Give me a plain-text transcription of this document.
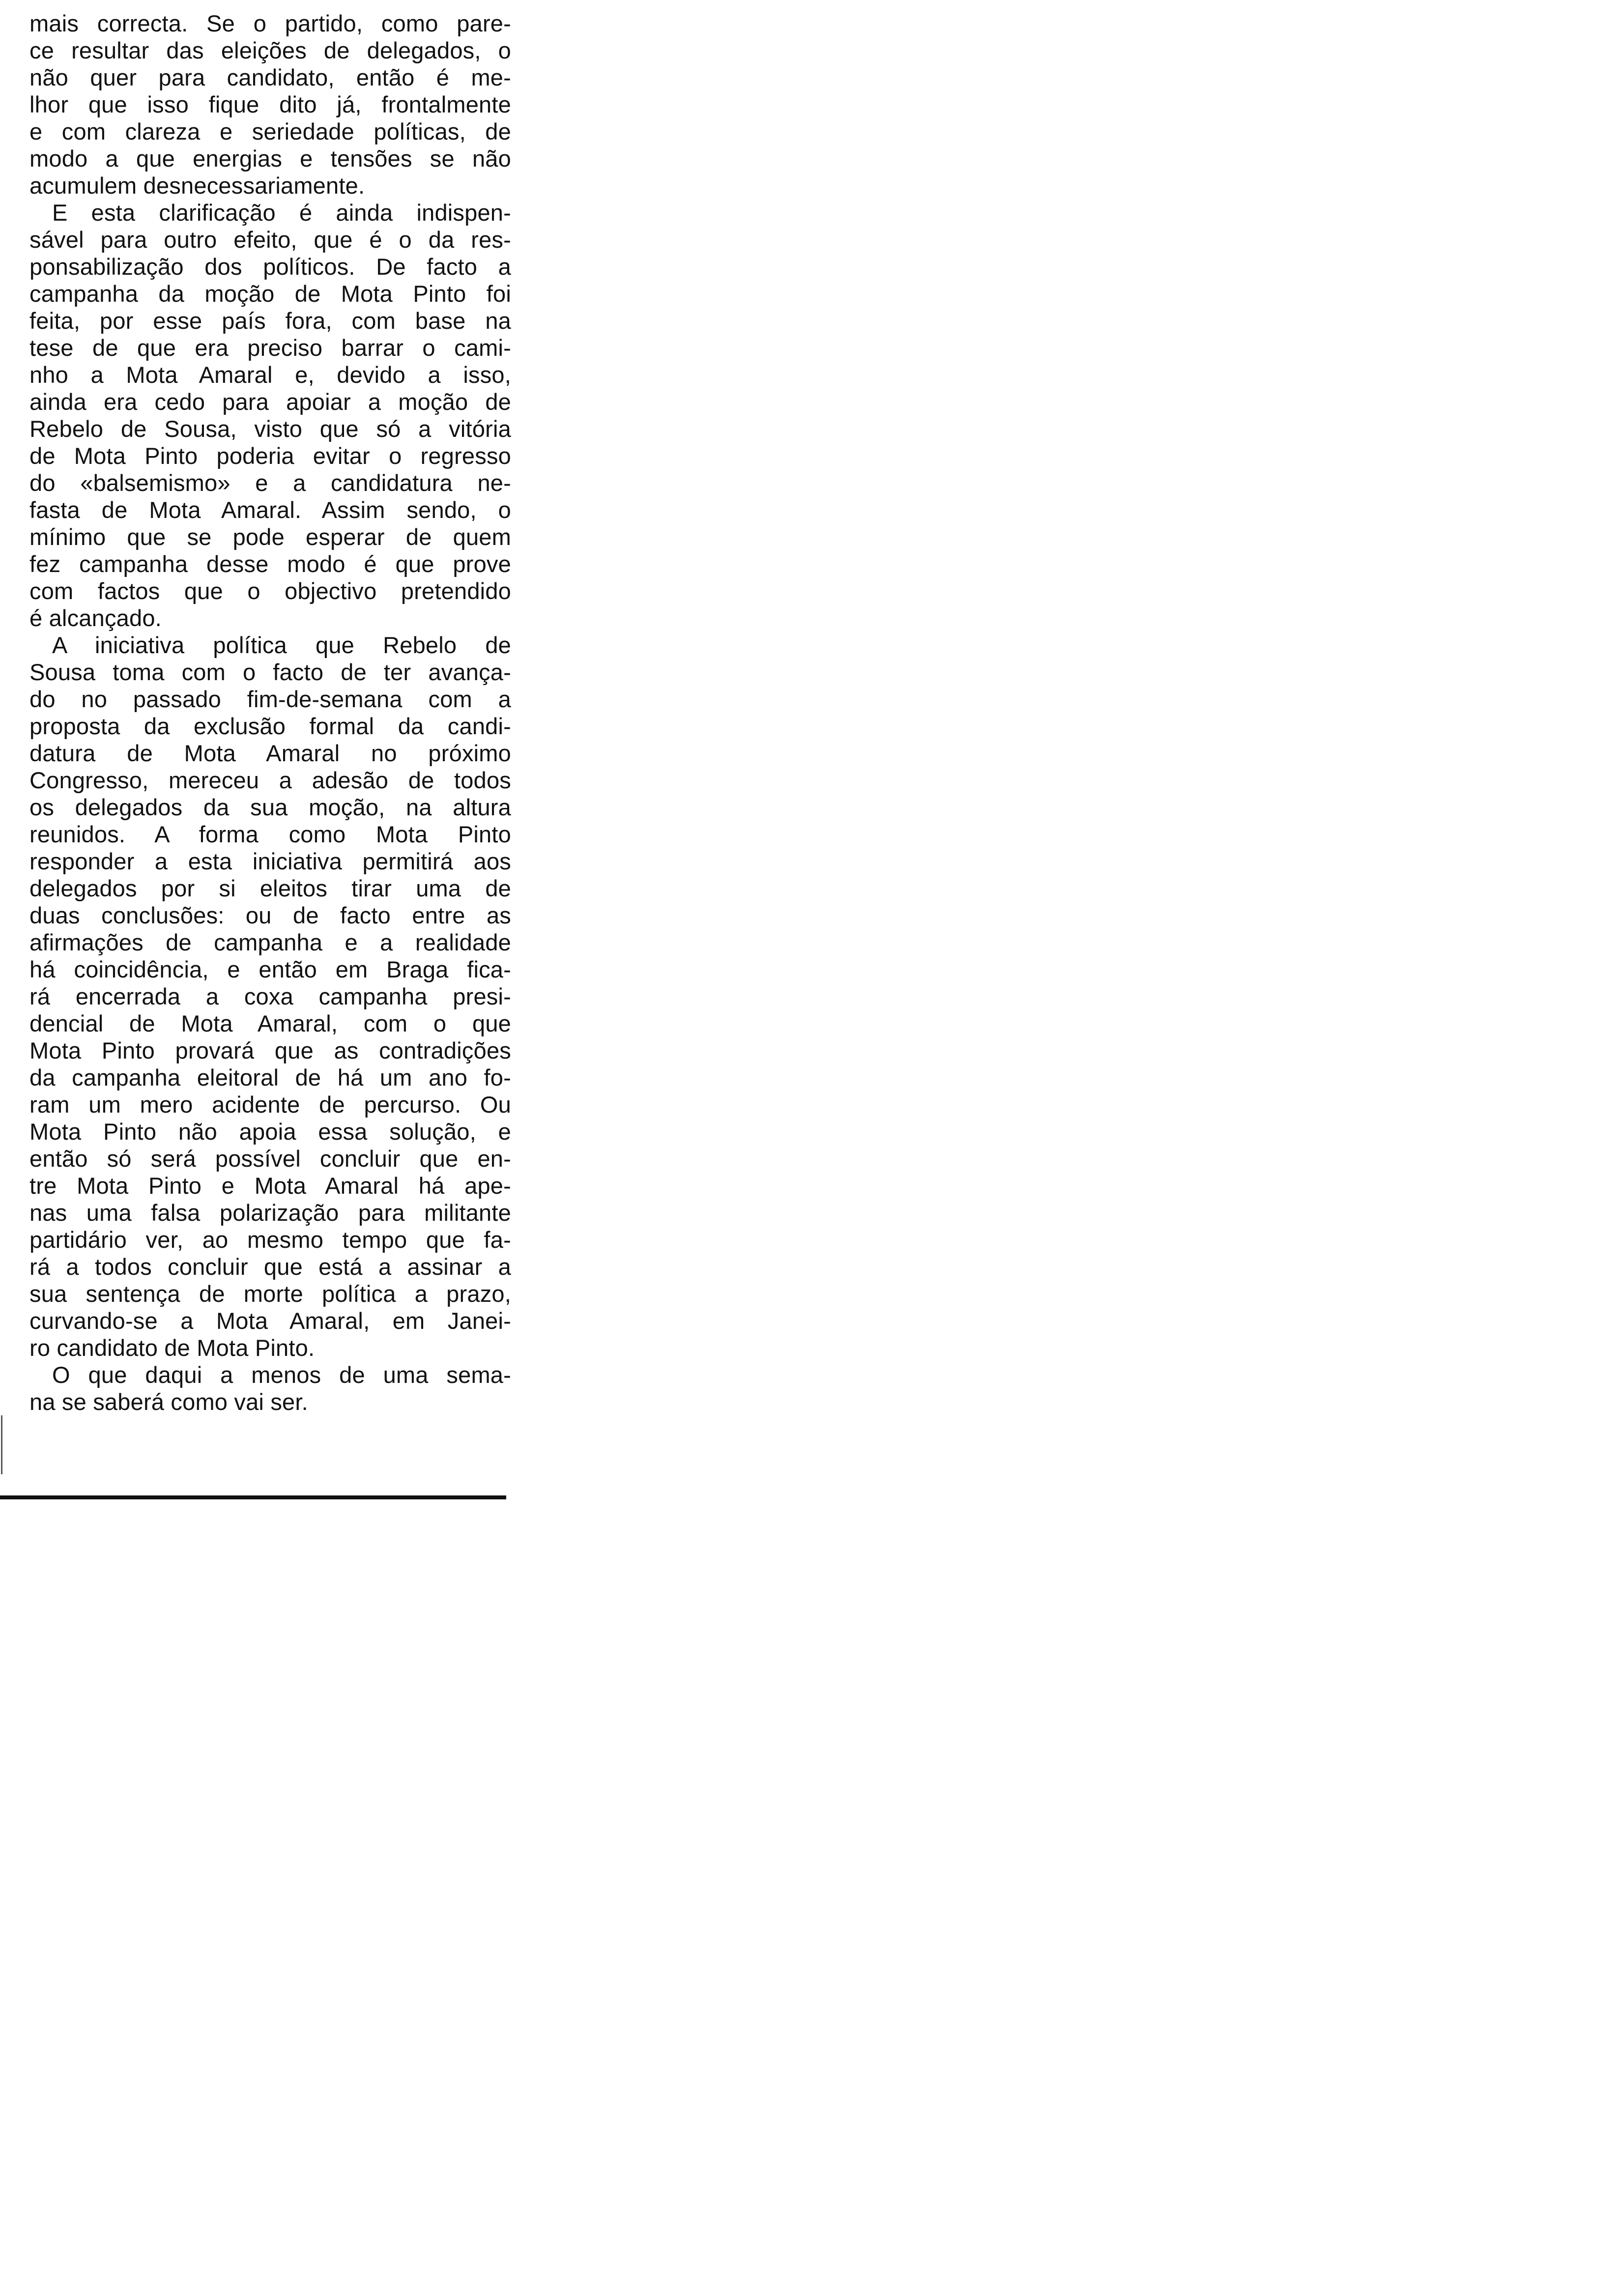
mais correcta. Se o partido, como pare-
ce resultar das eleições de delegados, o
não quer para candidato, então é me-
lhor que isso fique dito já, frontalmente
e com clareza e seriedade políticas, de
modo a que energias e tensões se não
acumulem desnecessariamente.
E esta clarificação é ainda indispen-
sável para outro efeito, que é o da res-
ponsabilização dos políticos. De facto a
campanha da moção de Mota Pinto foi
feita, por esse país fora, com base na
tese de que era preciso barrar o cami-
nho a Mota Amaral e, devido a isso,
ainda era cedo para apoiar a moção de
Rebelo de Sousa, visto que só a vitória
de Mota Pinto poderia evitar o regresso
do «balsemismo» e a candidatura ne-
fasta de Mota Amaral. Assim sendo, o
mínimo que se pode esperar de quem
fez campanha desse modo é que prove
com factos que o objectivo pretendido
é alcançado.
A iniciativa política que Rebelo de
Sousa toma com o facto de ter avança-
do no passado fim-de-semana com a
proposta da exclusão formal da candi-
datura de Mota Amaral no próximo
Congresso, mereceu a adesão de todos
os delegados da sua moção, na altura
reunidos. A forma como Mota Pinto
responder a esta iniciativa permitirá aos
delegados por si eleitos tirar uma de
duas conclusões: ou de facto entre as
afirmações de campanha e a realidade
há coincidência, e então em Braga fica-
rá encerrada a coxa campanha presi-
dencial de Mota Amaral, com o que
Mota Pinto provará que as contradições
da campanha eleitoral de há um ano fo-
ram um mero acidente de percurso. Ou
Mota Pinto não apoia essa solução, e
então só será possível concluir que en-
tre Mota Pinto e Mota Amaral há ape-
nas uma falsa polarização para militante
partidário ver, ao mesmo tempo que fa-
rá a todos concluir que está a assinar a
sua sentença de morte política a prazo,
curvando-se a Mota Amaral, em Janei-
ro candidato de Mota Pinto.
O que daqui a menos de uma sema-
na se saberá como vai ser.
